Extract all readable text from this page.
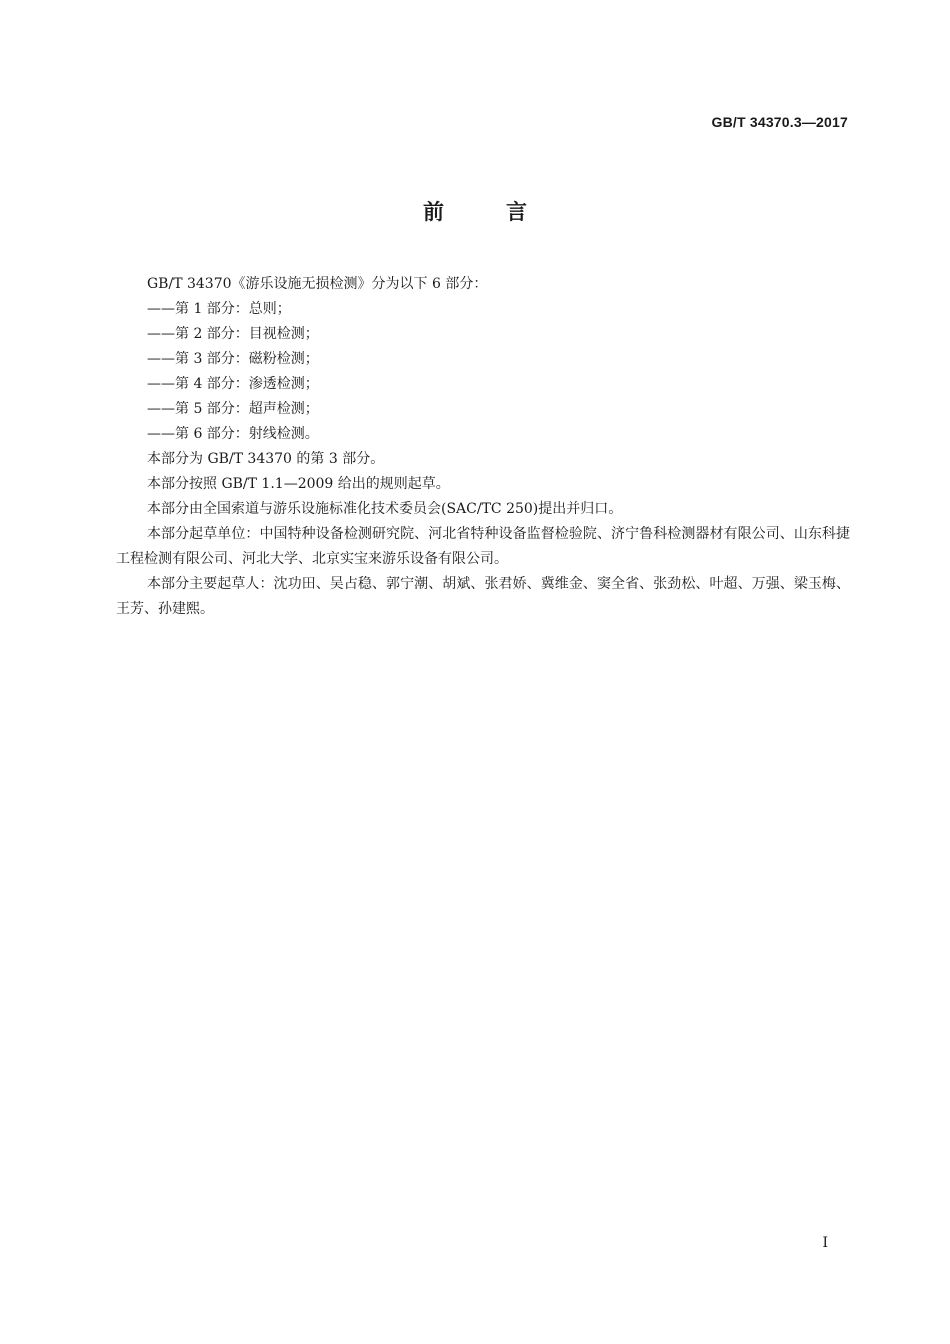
GB/T 34370.3—2017
前言

GB/T 34370《游乐设施无损检测》分为以下 6 部分：

——第 1 部分：总则；
——第 2 部分：目视检测；
——第 3 部分：磁粉检测；
——第 4 部分：渗透检测；
——第 5 部分：超声检测；
——第 6 部分：射线检测。

本部分为 GB/T 34370 的第 3 部分。

本部分按照 GB/T 1.1—2009 给出的规则起草。

本部分由全国索道与游乐设施标准化技术委员会(SAC/TC 250)提出并归口。

本部分起草单位：中国特种设备检测研究院、河北省特种设备监督检验院、济宁鲁科检测器材有限公司、山东科捷工程检测有限公司、河北大学、北京实宝来游乐设备有限公司。

本部分主要起草人：沈功田、吴占稳、郭宁潮、胡斌、张君娇、冀维金、窦全省、张劲松、叶超、万强、梁玉梅、王芳、孙建熙。

I
